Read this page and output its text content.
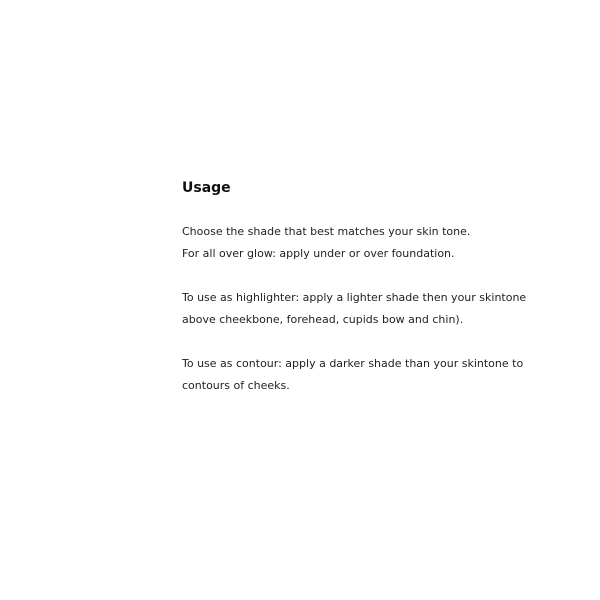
Usage

Choose the shade that best matches your skin tone.
For all over glow: apply under or over foundation.

To use as highlighter: apply a lighter shade then your skintone
above cheekbone, forehead, cupids bow and chin).

To use as contour: apply a darker shade than your skintone to
contours of cheeks.
